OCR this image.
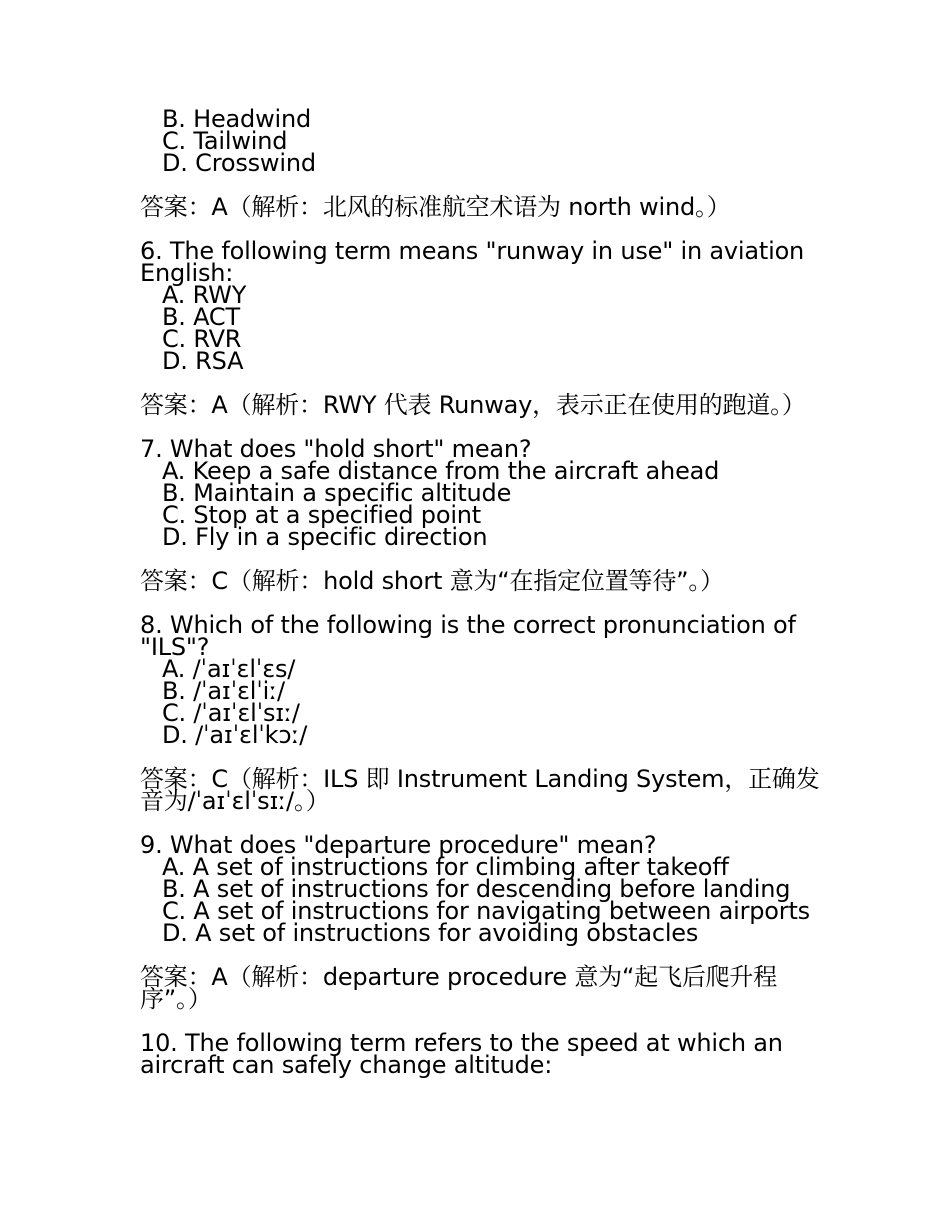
B. Headwind
C. Tailwind
D. Crosswind
答案：A（解析：北风的标准航空术语为 north wind。）
6. The following term means "runway in use" in aviation English:
A. RWY
B. ACT
C. RVR
D. RSA
答案：A（解析：RWY 代表 Runway，表示正在使用的跑道。）
7. What does "hold short" mean?
A. Keep a safe distance from the aircraft ahead
B. Maintain a specific altitude
C. Stop at a specified point
D. Fly in a specific direction
答案：C（解析：hold short 意为“在指定位置等待”。）
8. Which of the following is the correct pronunciation of "ILS"?
A. /ˈaɪˈɛlˈɛs/
B. /ˈaɪˈɛlˈiː/
C. /ˈaɪˈɛlˈsɪː/
D. /ˈaɪˈɛlˈkɔː/
答案：C（解析：ILS 即 Instrument Landing System，正确发音为/ˈaɪˈɛlˈsɪː/。）
9. What does "departure procedure" mean?
A. A set of instructions for climbing after takeoff
B. A set of instructions for descending before landing
C. A set of instructions for navigating between airports
D. A set of instructions for avoiding obstacles
答案：A（解析：departure procedure 意为“起飞后爬升程序”。）
10. The following term refers to the speed at which an aircraft can safely change altitude:
